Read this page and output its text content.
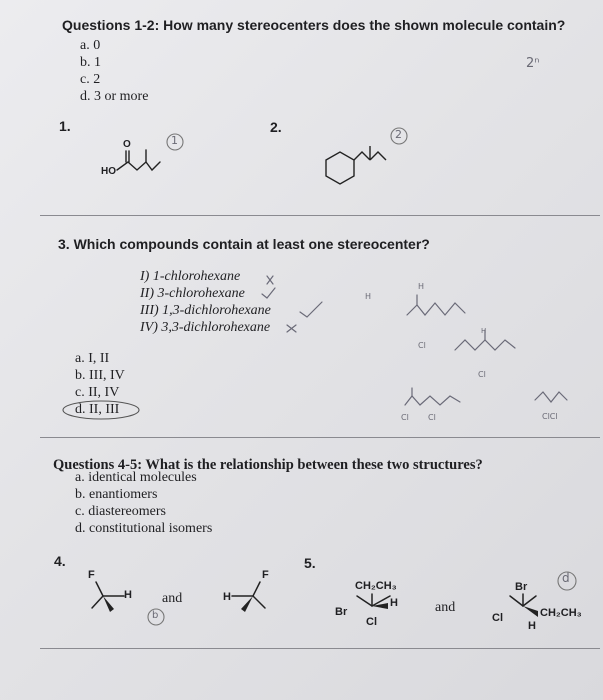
Questions 1-2: How many stereocenters does the shown molecule contain?
a. 0
b. 1
c. 2
d. 3 or more
2ⁿ
1.	2.
HO
O	1	2
3. Which compounds contain at least one stereocenter?
I) 1-chlorohexane
II) 3-chlorohexane
III) 1,3-dichlorohexane
IV) 3,3-dichlorohexane
H
H
Cl
H
Cl
Cl Cl	ClCl
a. I, II
b. III, IV
c. II, IV
d. II, III
Questions 4-5: What is the relationship between these two structures?
a. identical molecules
b. enantiomers
c. diastereomers
d. constitutional isomers
4.	5.
F
H and
F
H
b
CH₂CH₃
H
Br
Cl
and
Br
CH₂CH₃
Cl
H
d
